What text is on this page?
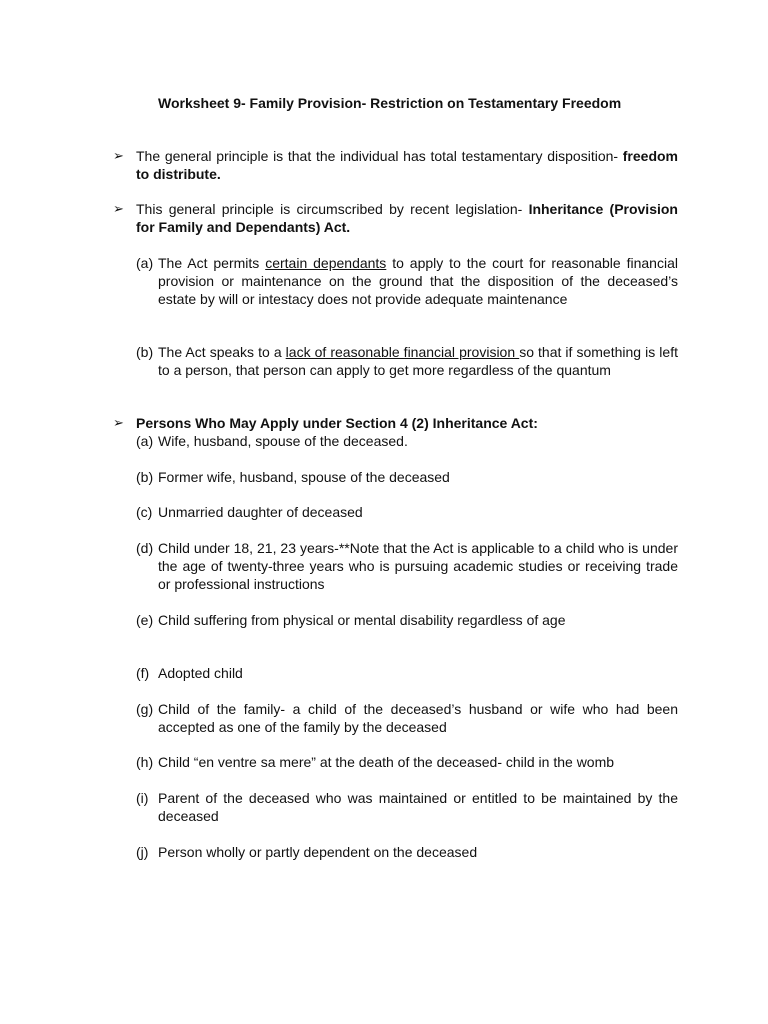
Worksheet 9- Family Provision- Restriction on Testamentary Freedom
➢ The general principle is that the individual has total testamentary disposition- freedom to distribute.
➢ This general principle is circumscribed by recent legislation- Inheritance (Provision for Family and Dependants) Act.
(a) The Act permits certain dependants to apply to the court for reasonable financial provision or maintenance on the ground that the disposition of the deceased’s estate by will or intestacy does not provide adequate maintenance
(b) The Act speaks to a lack of reasonable financial provision so that if something is left to a person, that person can apply to get more regardless of the quantum
➢ Persons Who May Apply under Section 4 (2) Inheritance Act:
(a) Wife, husband, spouse of the deceased.
(b) Former wife, husband, spouse of the deceased
(c) Unmarried daughter of deceased
(d) Child under 18, 21, 23 years-**Note that the Act is applicable to a child who is under the age of twenty-three years who is pursuing academic studies or receiving trade or professional instructions
(e) Child suffering from physical or mental disability regardless of age
(f) Adopted child
(g) Child of the family- a child of the deceased’s husband or wife who had been accepted as one of the family by the deceased
(h) Child “en ventre sa mere” at the death of the deceased- child in the womb
(i) Parent of the deceased who was maintained or entitled to be maintained by the deceased
(j) Person wholly or partly dependent on the deceased
